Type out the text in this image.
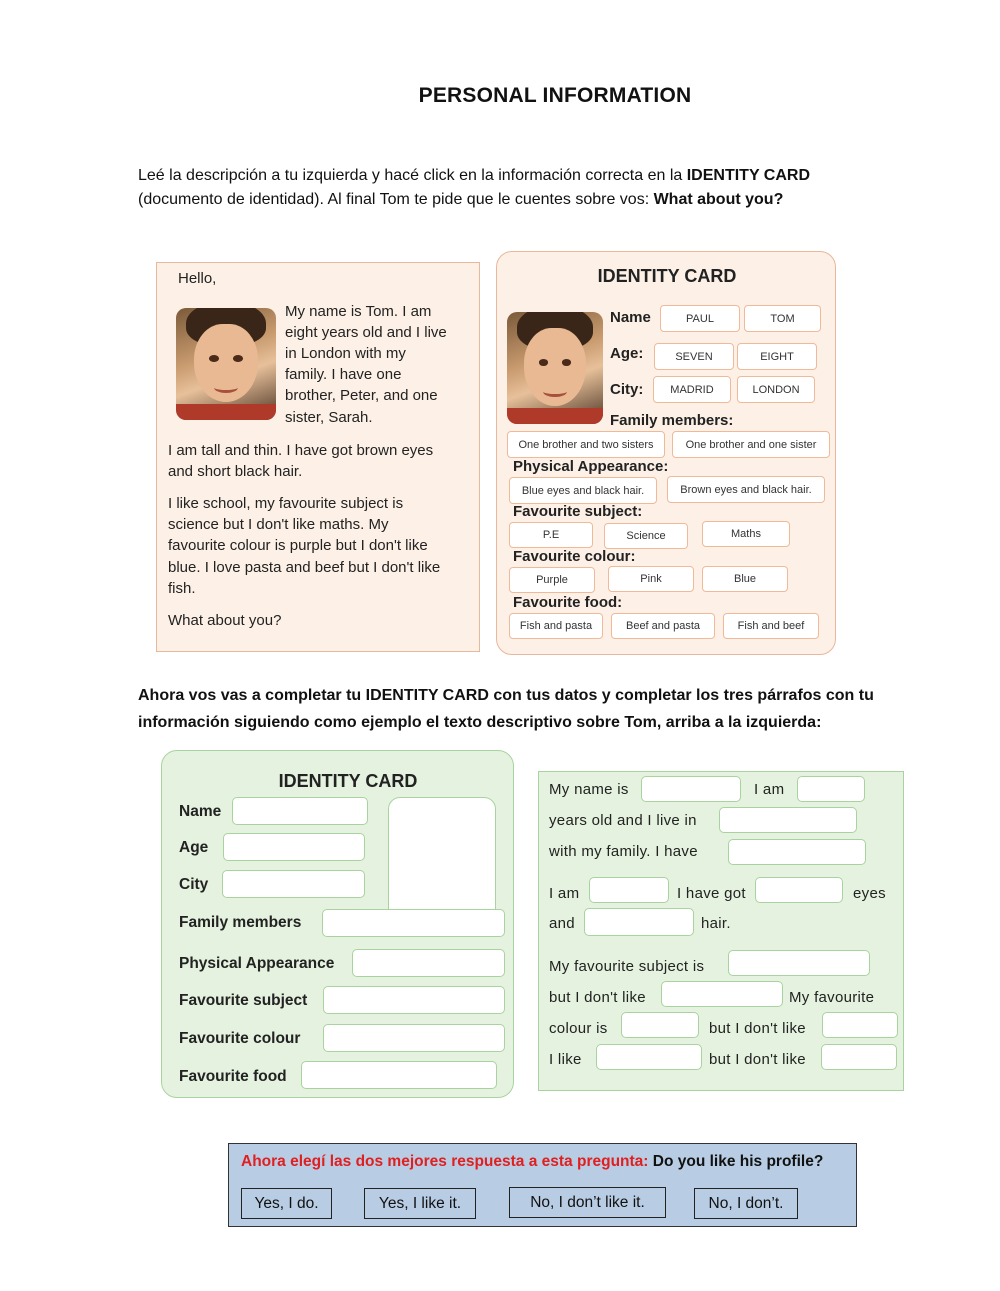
PERSONAL INFORMATION
Leé la descripción a tu izquierda y hacé click en la información correcta en la IDENTITY CARD (documento de identidad). Al final Tom te pide que le cuentes sobre vos: What about you?
Hello,
My name is Tom. I am
eight years old and I live
in London with my
family. I have one
brother, Peter, and one
sister, Sarah.
I am tall and thin. I have got brown eyes
and short black hair.
I like school, my favourite subject is
science but I don't like maths. My
favourite colour is purple but I don't like
blue. I love pasta and beef but I don't like
fish.
What about you?
IDENTITY CARD
Name	PAUL	TOM
Age:	SEVEN	EIGHT
City:	MADRID	LONDON
Family members:
One brother and two sisters	One brother and one sister
Physical Appearance:
Blue eyes and black hair.	Brown eyes and black hair.
Favourite subject:
P.E	Science	Maths
Favourite colour:
Purple	Pink	Blue
Favourite food:
Fish and pasta	Beef and pasta	Fish and beef
Ahora vos vas a completar tu IDENTITY CARD con tus datos y completar los tres párrafos con tu información siguiendo como ejemplo el texto descriptivo sobre Tom, arriba a la izquierda:
IDENTITY CARD
Name
Age
City
Family members
Physical Appearance
Favourite subject
Favourite colour
Favourite food
My name is	I am
years old and I live in
with my family. I have
I am	I have got	eyes
and	hair.
My favourite subject is
but I don't like	My favourite
colour is	but I don't like
I like	but I don't like
Ahora elegí las dos mejores respuesta a esta pregunta: Do you like his profile?
Yes, I do.	Yes, I like it.	No, I don’t like it.	No, I don’t.
